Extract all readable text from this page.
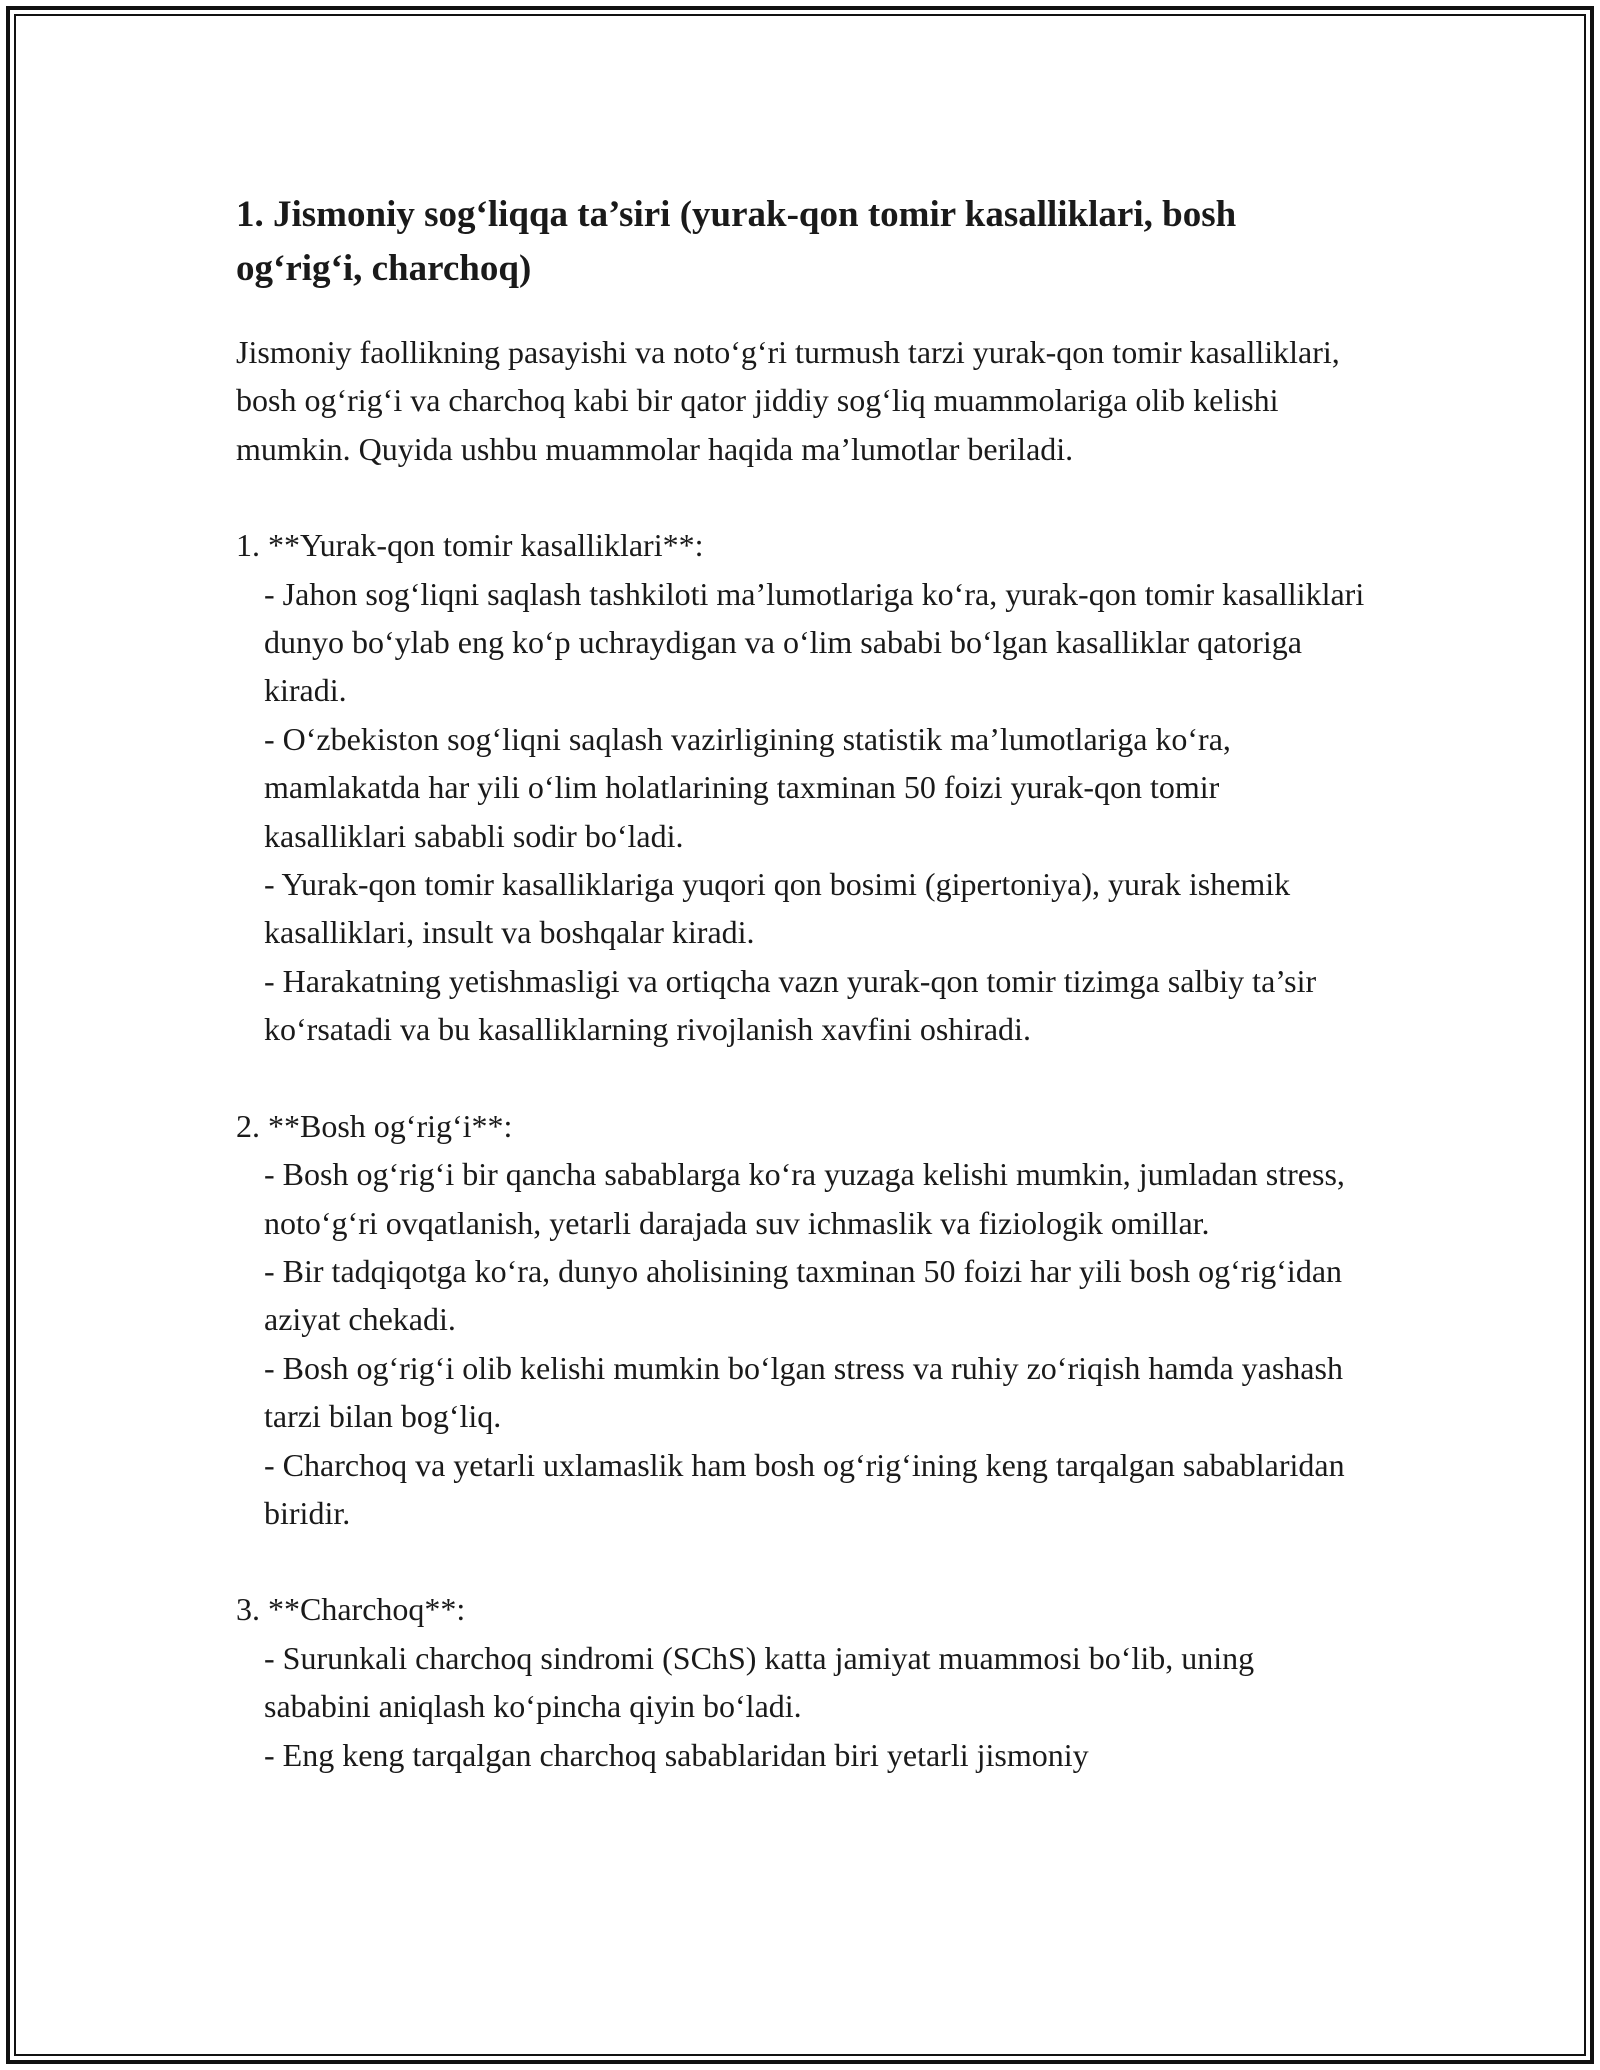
1. Jismoniy sog‘liqqa ta’siri (yurak-qon tomir kasalliklari, bosh og‘rig‘i, charchoq)

Jismoniy faollikning pasayishi va noto‘g‘ri turmush tarzi yurak-qon tomir kasalliklari, bosh og‘rig‘i va charchoq kabi bir qator jiddiy sog‘liq muammolariga olib kelishi mumkin. Quyida ushbu muammolar haqida ma’lumotlar beriladi.

1. **Yurak-qon tomir kasalliklari**:

- Jahon sog‘liqni saqlash tashkiloti ma’lumotlariga ko‘ra, yurak-qon tomir kasalliklari dunyo bo‘ylab eng ko‘p uchraydigan va o‘lim sababi bo‘lgan kasalliklar qatoriga kiradi.

- O‘zbekiston sog‘liqni saqlash vazirligining statistik ma’lumotlariga ko‘ra, mamlakatda har yili o‘lim holatlarining taxminan 50 foizi yurak-qon tomir kasalliklari sababli sodir bo‘ladi.

- Yurak-qon tomir kasalliklariga yuqori qon bosimi (gipertoniya), yurak ishemik kasalliklari, insult va boshqalar kiradi.

- Harakatning yetishmasligi va ortiqcha vazn yurak-qon tomir tizimga salbiy ta’sir ko‘rsatadi va bu kasalliklarning rivojlanish xavfini oshiradi.

2. **Bosh og‘rig‘i**:

- Bosh og‘rig‘i bir qancha sabablarga ko‘ra yuzaga kelishi mumkin, jumladan stress, noto‘g‘ri ovqatlanish, yetarli darajada suv ichmaslik va fiziologik omillar.

- Bir tadqiqotga ko‘ra, dunyo aholisining taxminan 50 foizi har yili bosh og‘rig‘idan aziyat chekadi.

- Bosh og‘rig‘i olib kelishi mumkin bo‘lgan stress va ruhiy zo‘riqish hamda yashash tarzi bilan bog‘liq.

- Charchoq va yetarli uxlamaslik ham bosh og‘rig‘ining keng tarqalgan sabablaridan biridir.

3. **Charchoq**:

- Surunkali charchoq sindromi (SChS) katta jamiyat muammosi bo‘lib, uning sababini aniqlash ko‘pincha qiyin bo‘ladi.

- Eng keng tarqalgan charchoq sabablaridan biri yetarli jismoniy
